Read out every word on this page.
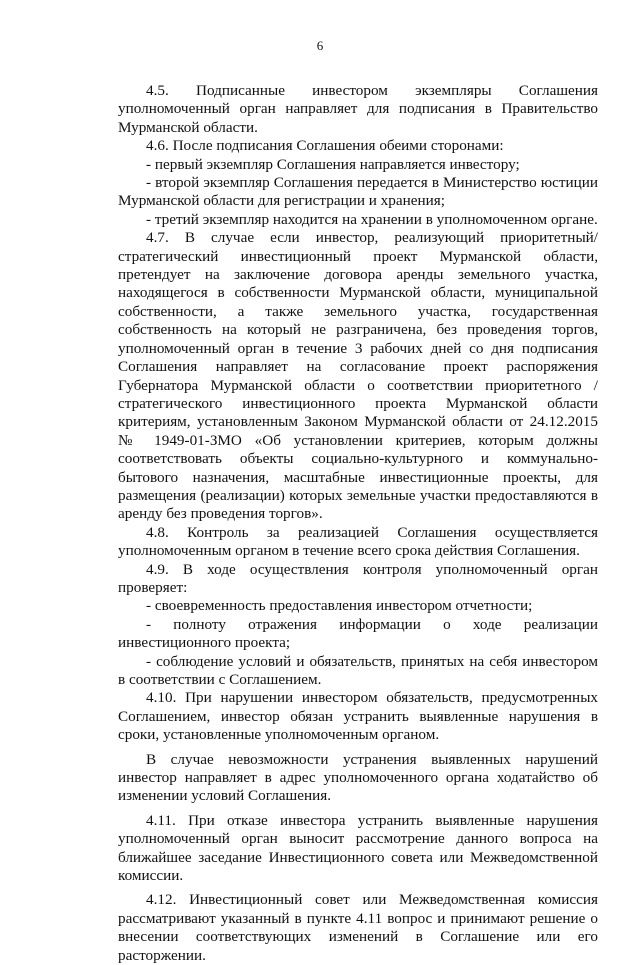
6

4.5. Подписанные инвестором экземпляры Соглашения уполномоченный орган направляет для подписания в Правительство Мурманской области.

4.6. После подписания Соглашения обеими сторонами:

- первый экземпляр Соглашения направляется инвестору;

- второй экземпляр Соглашения передается в Министерство юстиции Мурманской области для регистрации и хранения;

- третий экземпляр находится на хранении в уполномоченном органе.

4.7. В случае если инвестор, реализующий приоритетный/ стратегический инвестиционный проект Мурманской области, претендует на заключение договора аренды земельного участка, находящегося в собственности Мурманской области, муниципальной собственности, а также земельного участка, государственная собственность на который не разграничена, без проведения торгов, уполномоченный орган в течение 3 рабочих дней со дня подписания Соглашения направляет на согласование проект распоряжения Губернатора Мурманской области о соответствии приоритетного / стратегического инвестиционного проекта Мурманской области критериям, установленным Законом Мурманской области от 24.12.2015 № 1949-01-ЗМО «Об установлении критериев, которым должны соответствовать объекты социально-культурного и коммунально-бытового назначения, масштабные инвестиционные проекты, для размещения (реализации) которых земельные участки предоставляются в аренду без проведения торгов».

4.8. Контроль за реализацией Соглашения осуществляется уполномоченным органом в течение всего срока действия Соглашения.

4.9. В ходе осуществления контроля уполномоченный орган проверяет:

- своевременность предоставления инвестором отчетности;

- полноту отражения информации о ходе реализации инвестиционного проекта;

- соблюдение условий и обязательств, принятых на себя инвестором в соответствии с Соглашением.

4.10. При нарушении инвестором обязательств, предусмотренных Соглашением, инвестор обязан устранить выявленные нарушения в сроки, установленные уполномоченным органом.

В случае невозможности устранения выявленных нарушений инвестор направляет в адрес уполномоченного органа ходатайство об изменении условий Соглашения.

4.11. При отказе инвестора устранить выявленные нарушения уполномоченный орган выносит рассмотрение данного вопроса на ближайшее заседание Инвестиционного совета или Межведомственной комиссии.

4.12. Инвестиционный совет или Межведомственная комиссия рассматривают указанный в пункте 4.11 вопрос и принимают решение о внесении соответствующих изменений в Соглашение или его расторжении.
